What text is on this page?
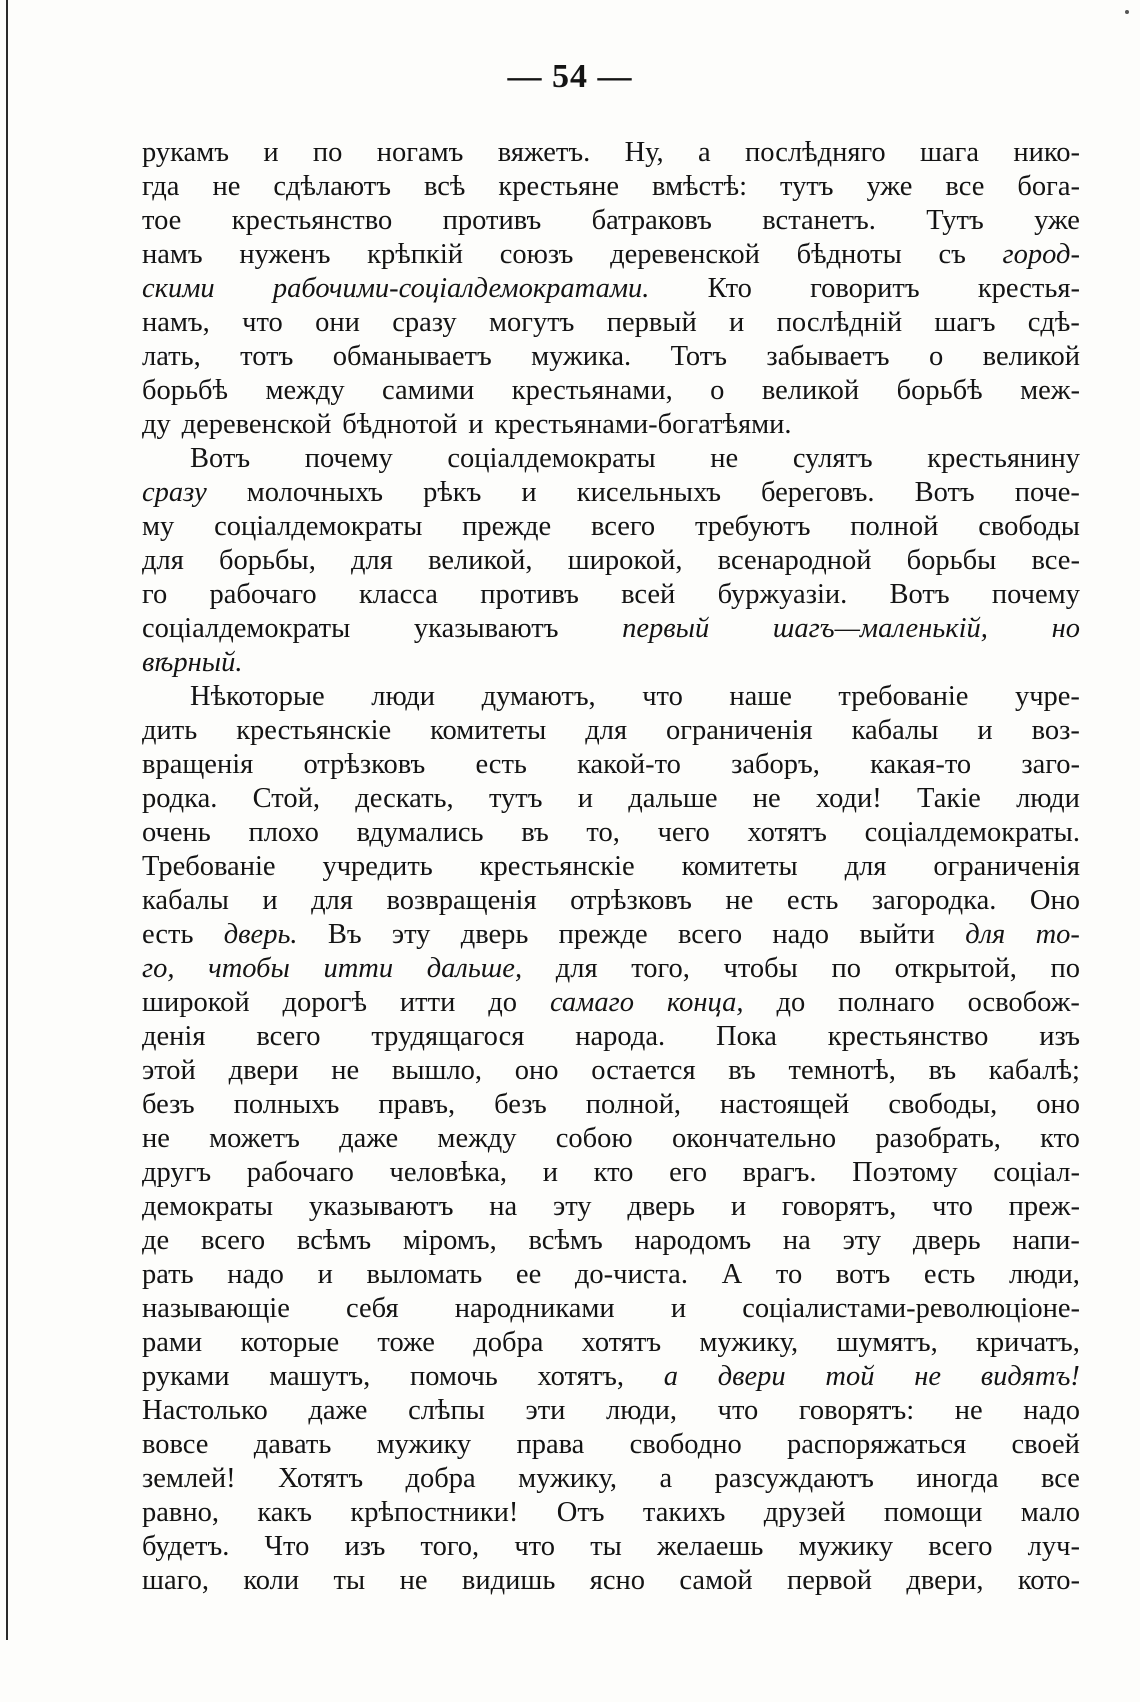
— 54 —
рукамъ и по ногамъ вяжетъ. Ну, а послѣдняго шага нико-
гда не сдѣлаютъ всѣ крестьяне вмѣстѣ: тутъ уже все бога-
тое крестьянство противъ батраковъ встанетъ. Тутъ уже
намъ нуженъ крѣпкій союзъ деревенской бѣдноты съ город-
скими рабочими-соціалдемократами. Кто говоритъ крестья-
намъ, что они сразу могутъ первый и послѣдній шагъ сдѣ-
лать, тотъ обманываетъ мужика. Тотъ забываетъ о великой
борьбѣ между самими крестьянами, о великой борьбѣ меж-
ду деревенской бѣднотой и крестьянами-богатѣями.
Вотъ почему соціалдемократы не сулятъ крестьянину
сразу молочныхъ рѣкъ и кисельныхъ береговъ. Вотъ поче-
му соціалдемократы прежде всего требуютъ полной свободы
для борьбы, для великой, широкой, всенародной борьбы все-
го рабочаго класса противъ всей буржуазіи. Вотъ почему
соціалдемократы указываютъ первый шагъ—маленькій, но
вѣрный.
Нѣкоторые люди думаютъ, что наше требованіе учре-
дить крестьянскіе комитеты для ограниченія кабалы и воз-
вращенія отрѣзковъ есть какой-то заборъ, какая-то заго-
родка. Стой, дескать, тутъ и дальше не ходи! Такіе люди
очень плохо вдумались въ то, чего хотятъ соціалдемократы.
Требованіе учредить крестьянскіе комитеты для ограниченія
кабалы и для возвращенія отрѣзковъ не есть загородка. Оно
есть дверь. Въ эту дверь прежде всего надо выйти для то-
го, чтобы итти дальше, для того, чтобы по открытой, по
широкой дорогѣ итти до самаго конца, до полнаго освобож-
денія всего трудящагося народа. Пока крестьянство изъ
этой двери не вышло, оно остается въ темнотѣ, въ кабалѣ;
безъ полныхъ правъ, безъ полной, настоящей свободы, оно
не можетъ даже между собою окончательно разобрать, кто
другъ рабочаго человѣка, и кто его врагъ. Поэтому соціал-
демократы указываютъ на эту дверь и говорятъ, что преж-
де всего всѣмъ міромъ, всѣмъ народомъ на эту дверь напи-
рать надо и выломать ее до-чиста. А то вотъ есть люди,
называющіе себя народниками и соціалистами-революціоне-
рами которые тоже добра хотятъ мужику, шумятъ, кричатъ,
руками машутъ, помочь хотятъ, а двери той не видятъ!
Настолько даже слѣпы эти люди, что говорятъ: не надо
вовсе давать мужику права свободно распоряжаться своей
землей! Хотятъ добра мужику, а разсуждаютъ иногда все
равно, какъ крѣпостники! Отъ такихъ друзей помощи мало
будетъ. Что изъ того, что ты желаешь мужику всего луч-
шаго, коли ты не видишь ясно самой первой двери, кото-
